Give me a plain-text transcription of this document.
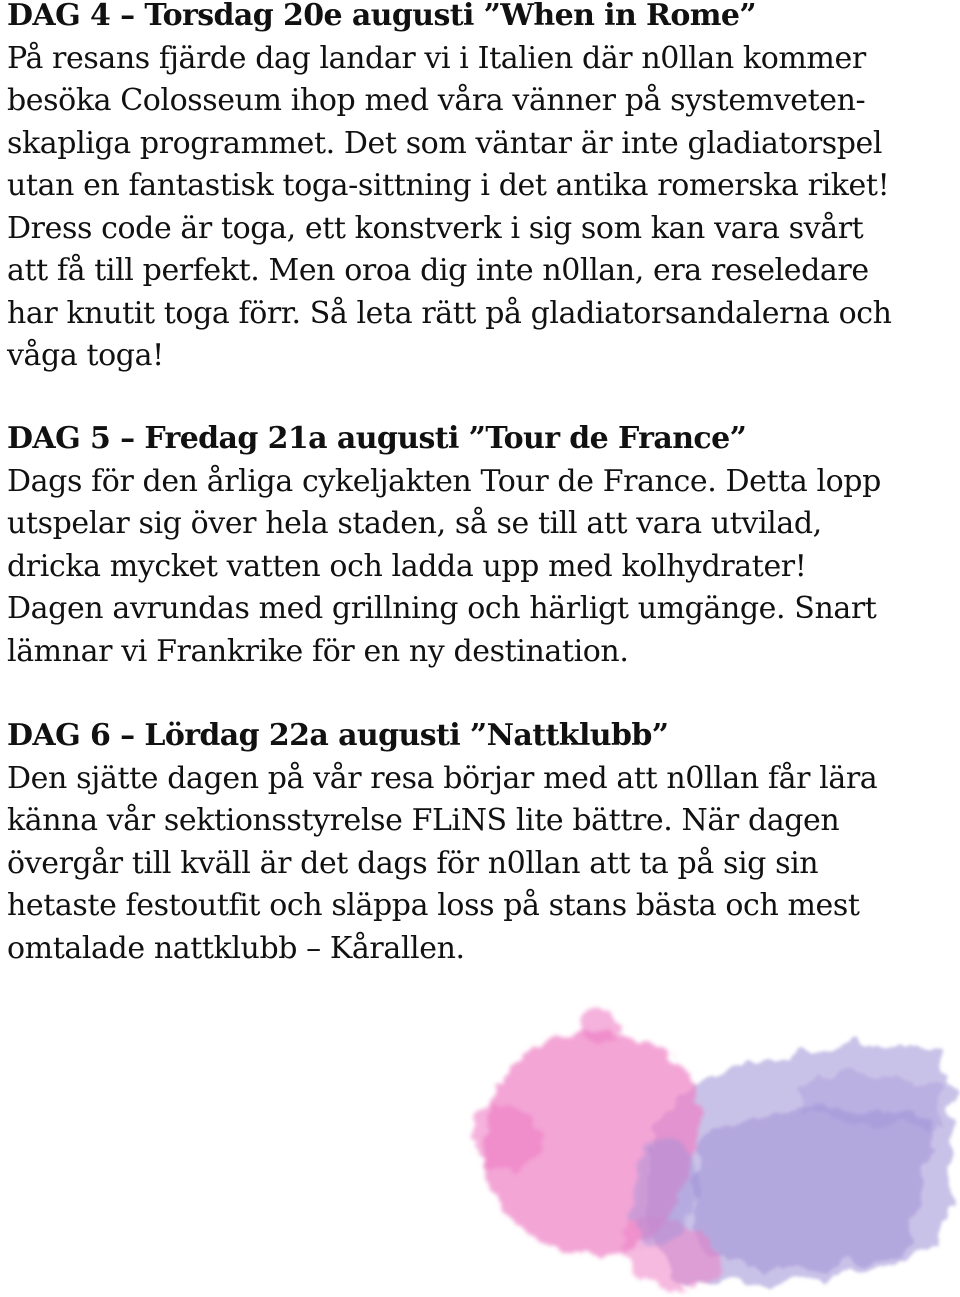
DAG 4 – Torsdag 20e augusti ”When in Rome”
På resans fjärde dag landar vi i Italien där n0llan kommer
besöka Colosseum ihop med våra vänner på systemveten-
skapliga programmet. Det som väntar är inte gladiatorspel
utan en fantastisk toga-sittning i det antika romerska riket!
Dress code är toga, ett konstverk i sig som kan vara svårt
att få till perfekt. Men oroa dig inte n0llan, era reseledare
har knutit toga förr. Så leta rätt på gladiatorsandalerna och
våga toga!
DAG 5 – Fredag 21a augusti ”Tour de France”
Dags för den årliga cykeljakten Tour de France. Detta lopp
utspelar sig över hela staden, så se till att vara utvilad,
dricka mycket vatten och ladda upp med kolhydrater!
Dagen avrundas med grillning och härligt umgänge. Snart
lämnar vi Frankrike för en ny destination.
DAG 6 – Lördag 22a augusti ”Nattklubb”
Den sjätte dagen på vår resa börjar med att n0llan får lära
känna vår sektionsstyrelse FLiNS lite bättre. När dagen
övergår till kväll är det dags för n0llan att ta på sig sin
hetaste festoutfit och släppa loss på stans bästa och mest
omtalade nattklubb – Kårallen.
